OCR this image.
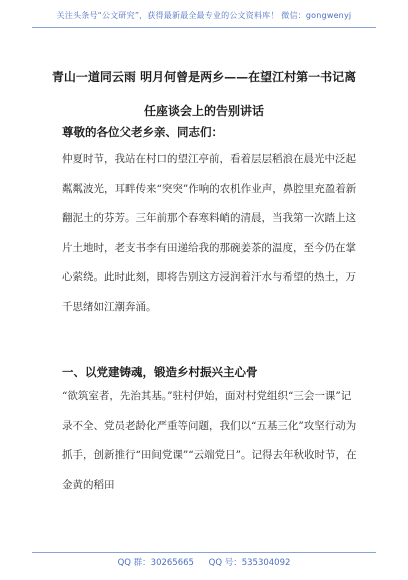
关注头条号“公文研究”，获得最新最全最专业的公文资料库！ 微信：gongwenyj
青山一道同云雨 明月何曾是两乡——在望江村第一书记离
任座谈会上的告别讲话
尊敬的各位父老乡亲、同志们：
仲夏时节，我站在村口的望江亭前，看着层层稻浪在晨光中泛起粼粼波光，耳畔传来“突突”作响的农机作业声，鼻腔里充盈着新翻泥土的芬芳。三年前那个春寒料峭的清晨，当我第一次踏上这片土地时，老支书李有田递给我的那碗姜茶的温度，至今仍在掌心萦绕。此时此刻，即将告别这方浸润着汗水与希望的热土，万千思绪如江潮奔涌。
一、以党建铸魂，锻造乡村振兴主心骨
“欲筑室者，先治其基。”驻村伊始，面对村党组织“三会一课”记录不全、党员老龄化严重等问题，我们以“五基三化”攻坚行动为抓手，创新推行“田间党课”“云端党日”。记得去年秋收时节，在金黄的稻田
QQ 群：30265665 QQ 号：535304092
